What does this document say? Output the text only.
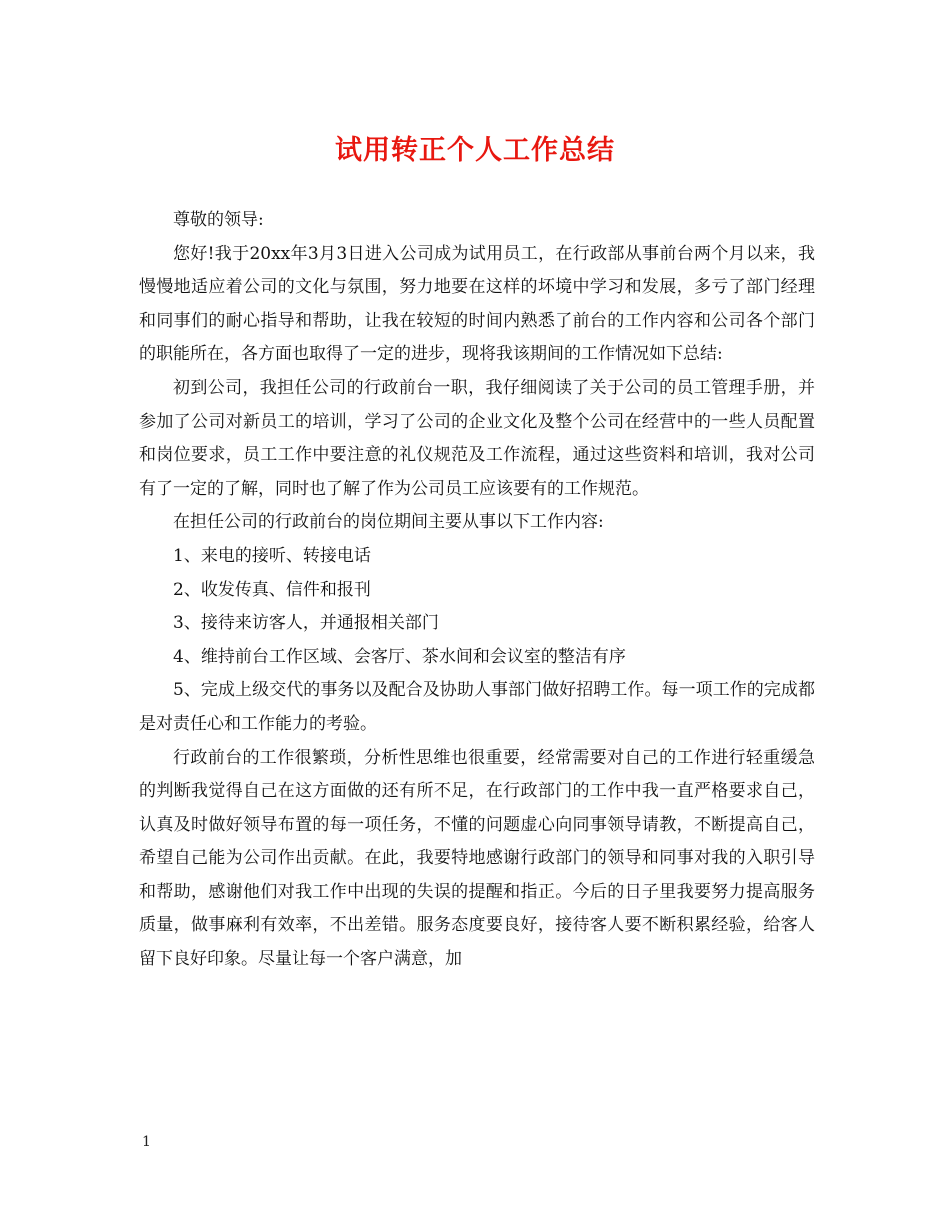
试用转正个人工作总结

尊敬的领导:

您好!我于20xx年3月3日进入公司成为试用员工，在行政部从事前台两个月以来，我慢慢地适应着公司的文化与氛围，努力地要在这样的坏境中学习和发展，多亏了部门经理和同事们的耐心指导和帮助，让我在较短的时间内熟悉了前台的工作内容和公司各个部门的职能所在，各方面也取得了一定的进步，现将我该期间的工作情况如下总结:

初到公司，我担任公司的行政前台一职，我仔细阅读了关于公司的员工管理手册，并参加了公司对新员工的培训，学习了公司的企业文化及整个公司在经营中的一些人员配置和岗位要求，员工工作中要注意的礼仪规范及工作流程，通过这些资料和培训，我对公司有了一定的了解，同时也了解了作为公司员工应该要有的工作规范。

在担任公司的行政前台的岗位期间主要从事以下工作内容:

1、来电的接听、转接电话

2、收发传真、信件和报刊

3、接待来访客人，并通报相关部门

4、维持前台工作区域、会客厅、茶水间和会议室的整洁有序

5、完成上级交代的事务以及配合及协助人事部门做好招聘工作。每一项工作的完成都是对责任心和工作能力的考验。

行政前台的工作很繁琐，分析性思维也很重要，经常需要对自己的工作进行轻重缓急的判断我觉得自己在这方面做的还有所不足，在行政部门的工作中我一直严格要求自己，认真及时做好领导布置的每一项任务，不懂的问题虚心向同事领导请教，不断提高自己，希望自己能为公司作出贡献。在此，我要特地感谢行政部门的领导和同事对我的入职引导和帮助，感谢他们对我工作中出现的失误的提醒和指正。今后的日子里我要努力提高服务质量，做事麻利有效率，不出差错。服务态度要良好，接待客人要不断积累经验，给客人留下良好印象。尽量让每一个客户满意，加

1
